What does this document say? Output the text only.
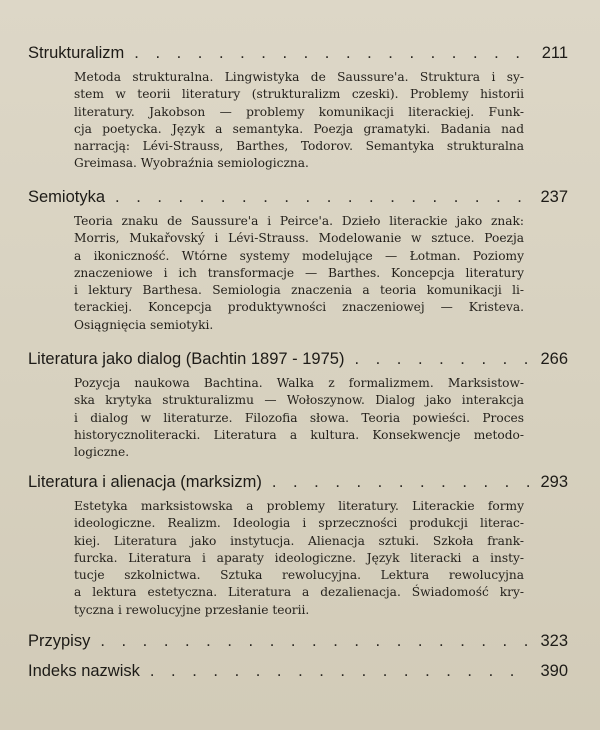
Strukturalizm . . .	211
Metoda strukturalna. Lingwistyka de Saussure'a. Struktura i sy-
stem w teorii literatury (strukturalizm czeski). Problemy historii
literatury. Jakobson — problemy komunikacji literackiej. Funk-
cja poetycka. Język a semantyka. Poezja gramatyki. Badania nad
narracją: Lévi-Strauss, Barthes, Todorov. Semantyka strukturalna
Greimasa. Wyobraźnia semiologiczna.
Semiotyka . . .	237
Teoria znaku de Saussure'a i Peirce'a. Dzieło literackie jako znak:
Morris, Mukařovský i Lévi-Strauss. Modelowanie w sztuce. Poezja
a ikoniczność. Wtórne systemy modelujące — Łotman. Poziomy
znaczeniowe i ich transformacje — Barthes. Koncepcja literatury
i lektury Barthesa. Semiologia znaczenia a teoria komunikacji li-
terackiej. Koncepcja produktywności znaczeniowej — Kristeva.
Osiągnięcia semiotyki.
Literatura jako dialog (Bachtin 1897 - 1975) . . .	266
Pozycja naukowa Bachtina. Walka z formalizmem. Marksistow-
ska krytyka strukturalizmu — Wołoszynow. Dialog jako interakcja
i dialog w literaturze. Filozofia słowa. Teoria powieści. Proces
historycznoliteracki. Literatura a kultura. Konsekwencje metodo-
logiczne.
Literatura i alienacja (marksizm) . . .	293
Estetyka marksistowska a problemy literatury. Literackie formy
ideologiczne. Realizm. Ideologia i sprzeczności produkcji literac-
kiej. Literatura jako instytucja. Alienacja sztuki. Szkoła frank-
furcka. Literatura i aparaty ideologiczne. Język literacki a insty-
tucje szkolnictwa. Sztuka rewolucyjna. Lektura rewolucyjna
a lektura estetyczna. Literatura a dezalienacja. Świadomość kry-
tyczna i rewolucyjne przesłanie teorii.
Przypisy . . .	323
Indeks nazwisk . . .	390
